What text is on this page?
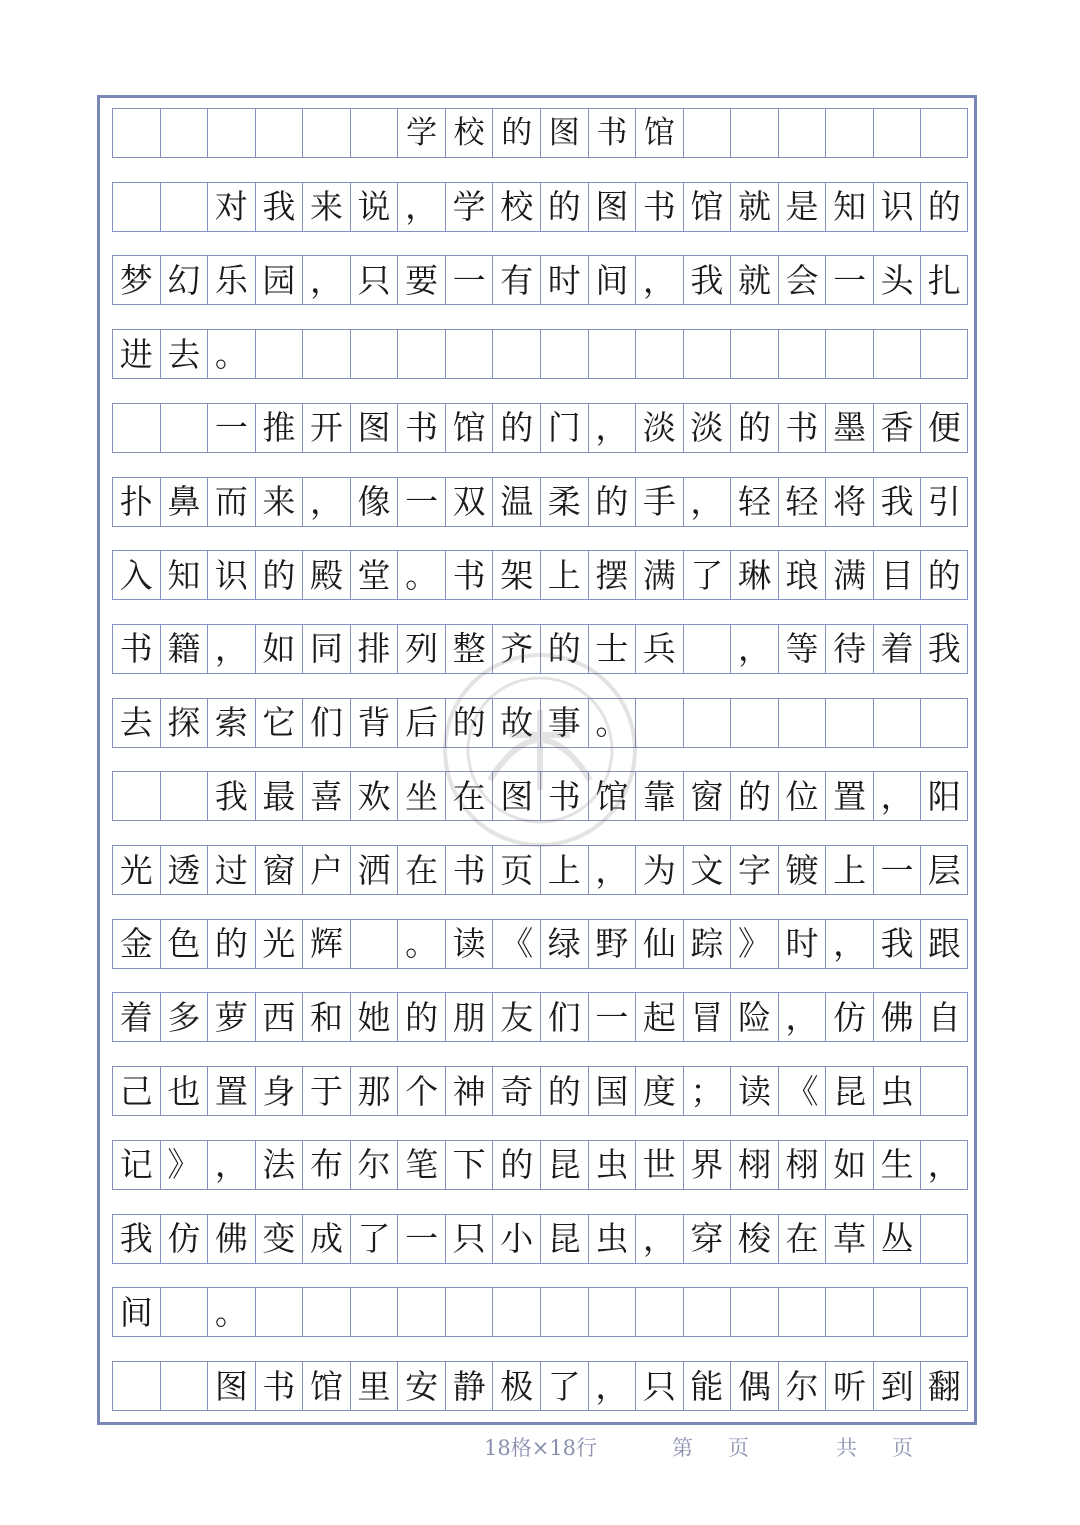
学 校 的 图 书 馆
对 我 来 说 ， 学 校 的 图 书 馆 就 是 知 识 的
梦 幻 乐 园 ， 只 要 一 有 时 间 ， 我 就 会 一 头 扎
进 去 。
一 推 开 图 书 馆 的 门 ， 淡 淡 的 书 墨 香 便
扑 鼻 而 来 ， 像 一 双 温 柔 的 手 ， 轻 轻 将 我 引
入 知 识 的 殿 堂 。 书 架 上 摆 满 了 琳 琅 满 目 的
书 籍 ， 如 同 排 列 整 齐 的 士 兵 ， 等 待 着 我
去 探 索 它 们 背 后 的 故 事 。
我 最 喜 欢 坐 在 图 书 馆 靠 窗 的 位 置 ， 阳
光 透 过 窗 户 洒 在 书 页 上 ， 为 文 字 镀 上 一 层
金 色 的 光 辉 。 读 《 绿 野 仙 踪 》 时 ， 我 跟
着 多 萝 西 和 她 的 朋 友 们 一 起 冒 险 ， 仿 佛 自
己 也 置 身 于 那 个 神 奇 的 国 度 ； 读 《 昆 虫
记 》 ， 法 布 尔 笔 下 的 昆 虫 世 界 栩 栩 如 生 ，
我 仿 佛 变 成 了 一 只 小 昆 虫 ， 穿 梭 在 草 丛
间 。
图 书 馆 里 安 静 极 了 ， 只 能 偶 尔 听 到 翻
18格×18行	第 页	共 页
